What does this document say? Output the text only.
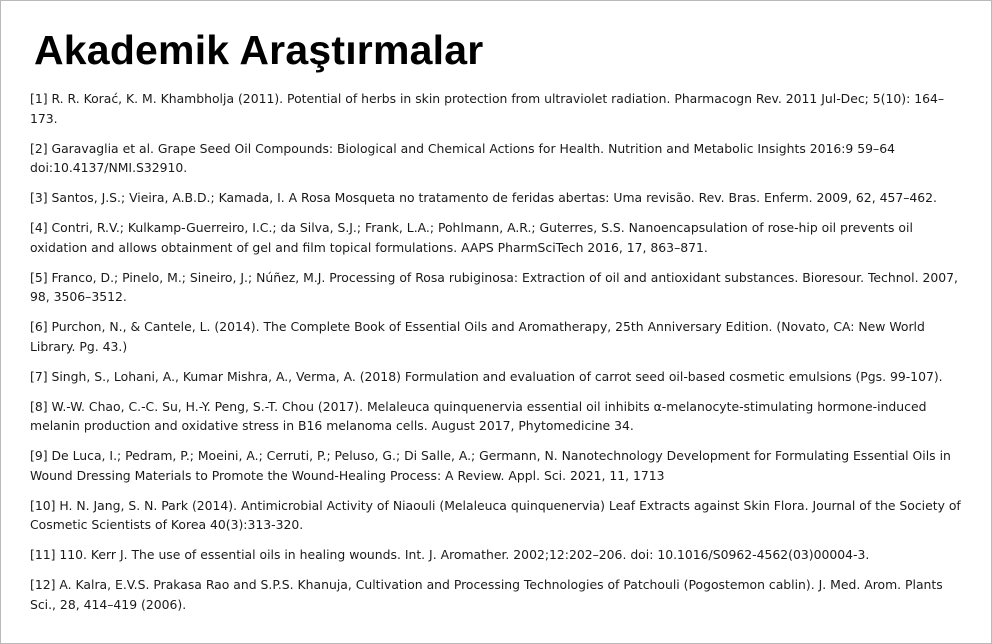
Akademik Araştırmalar
[1] R. R. Korać, K. M. Khambholja (2011). Potential of herbs in skin protection from ultraviolet radiation. Pharmacogn Rev. 2011 Jul-Dec; 5(10): 164–173.
[2] Garavaglia et al. Grape Seed Oil Compounds: Biological and Chemical Actions for Health. Nutrition and Metabolic Insights 2016:9 59–64 doi:10.4137/NMI.S32910.
[3] Santos, J.S.; Vieira, A.B.D.; Kamada, I. A Rosa Mosqueta no tratamento de feridas abertas: Uma revisão. Rev. Bras. Enferm. 2009, 62, 457–462.
[4] Contri, R.V.; Kulkamp-Guerreiro, I.C.; da Silva, S.J.; Frank, L.A.; Pohlmann, A.R.; Guterres, S.S. Nanoencapsulation of rose-hip oil prevents oil oxidation and allows obtainment of gel and film topical formulations. AAPS PharmSciTech 2016, 17, 863–871.
[5] Franco, D.; Pinelo, M.; Sineiro, J.; Núñez, M.J. Processing of Rosa rubiginosa: Extraction of oil and antioxidant substances. Bioresour. Technol. 2007, 98, 3506–3512.
[6] Purchon, N., & Cantele, L. (2014). The Complete Book of Essential Oils and Aromatherapy, 25th Anniversary Edition. (Novato, CA: New World Library. Pg. 43.)
[7] Singh, S., Lohani, A., Kumar Mishra, A., Verma, A. (2018) Formulation and evaluation of carrot seed oil-based cosmetic emulsions (Pgs. 99-107).
[8] W.-W. Chao, C.-C. Su, H.-Y. Peng, S.-T. Chou (2017). Melaleuca quinquenervia essential oil inhibits α-melanocyte-stimulating hormone-induced melanin production and oxidative stress in B16 melanoma cells. August 2017, Phytomedicine 34.
[9] De Luca, I.; Pedram, P.; Moeini, A.; Cerruti, P.; Peluso, G.; Di Salle, A.; Germann, N. Nanotechnology Development for Formulating Essential Oils in Wound Dressing Materials to Promote the Wound-Healing Process: A Review. Appl. Sci. 2021, 11, 1713
[10] H. N. Jang, S. N. Park (2014). Antimicrobial Activity of Niaouli (Melaleuca quinquenervia) Leaf Extracts against Skin Flora. Journal of the Society of Cosmetic Scientists of Korea 40(3):313-320.
[11] 110. Kerr J. The use of essential oils in healing wounds. Int. J. Aromather. 2002;12:202–206. doi: 10.1016/S0962-4562(03)00004-3.
[12] A. Kalra, E.V.S. Prakasa Rao and S.P.S. Khanuja, Cultivation and Processing Technologies of Patchouli (Pogostemon cablin). J. Med. Arom. Plants Sci., 28, 414–419 (2006).
